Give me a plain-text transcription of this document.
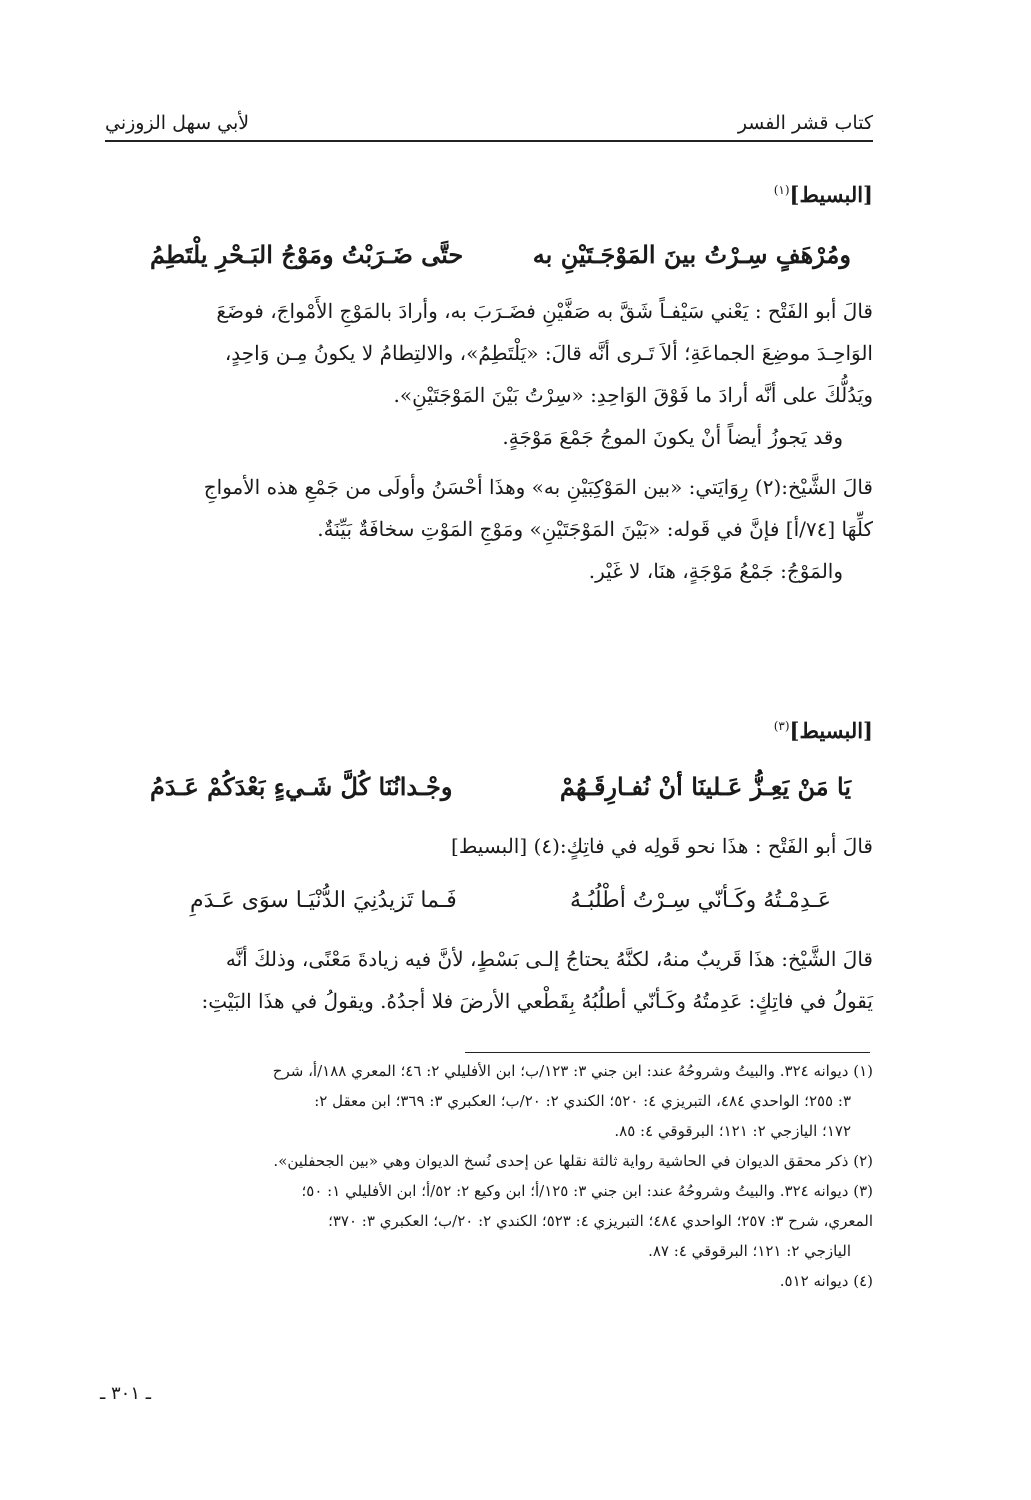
كتاب قشر الفسر
لأبي سهل الزوزني
[البسيط]$^{(١)}$
ومُرْهَفٍ سِـرْتُ بينَ المَوْجَـتَيْنِ به
حتَّى ضَـرَبْتُ ومَوْجُ البَـحْرِ يلْتَطِمُ
قالَ أبو الفَتْح : يَعْني سَيْفـاً شَقَّ به صَفَّيْنِ فضَـرَبَ به، وأرادَ بالمَوْجِ الأَمْواجَ، فوضَعَ
الوَاحِـدَ موضِعَ الجماعَةِ؛ ألاَ تَـرى أنَّه قالَ: «يَلْتَطِمُ»، والالتِطامُ لا يكونُ مِـن وَاحِدٍ،
ويَدُلُّكَ على أنَّه أرادَ ما فَوْقَ الوَاحِدِ: «سِرْتُ بَيْنَ المَوْجَتَيْنِ».
وقد يَجوزُ أيضاً أنْ يكونَ الموجُ جَمْعَ مَوْجَةٍ.
قالَ الشَّيْخ:(٢) رِوَايَتي: «بين المَوْكِبَيْنِ به» وهذَا أحْسَنُ وأولَى من جَمْعِ هذه الأمواجِ
كلِّهَا [٧٤/أ] فإنَّ في قَوله: «بَيْنَ المَوْجَتَيْنِ» ومَوْجِ المَوْتِ سخافَةٌ بَيِّنَةٌ.
والمَوْجُ: جَمْعُ مَوْجَةٍ، هنَا، لا غَيْر.
[البسيط]$^{(٣)}$
يَا مَنْ يَعِـزُّ عَـلينَا أنْ نُفـارِقَـهُمْ
وجْـدانُنَا كُلَّ شَـيءٍ بَعْدَكُمْ عَـدَمُ
قالَ أبو الفَتْح : هذَا نحو قَولِه في فاتِكٍ:(٤) [البسيط]
عَـدِمْـتُهُ وكَـأنّي سِـرْتُ أطْلُبُـهُ
فَـما تَزيدُنِيَ الدُّنْيَـا سوَى عَـدَمِ
قالَ الشَّيْخ: هذَا قَريبٌ منهُ، لكنَّهُ يحتاجُ إلـى بَسْطٍ، لأنَّ فيه زيادةَ مَعْنًى، وذلكَ أنَّه
يَقولُ في فاتِكٍ: عَدِمتُهُ وكَـأنّي أطلُبُهُ بِقَطْعي الأرضَ فلا أجدُهُ. ويقولُ في هذَا البَيْتِ:
(١) ديوانه ٣٢٤. والبيتُ وشروحُهُ عند: ابن جني ٣: ١٢٣/ب؛ ابن الأفليلي ٢: ٤٦؛ المعري ١٨٨/أ، شرح
٣: ٢٥٥؛ الواحدي ٤٨٤، التبريزي ٤: ٥٢٠؛ الكندي ٢: ٢٠/ب؛ العكبري ٣: ٣٦٩؛ ابن معقل ٢:
١٧٢؛ اليازجي ٢: ١٢١؛ البرقوقي ٤: ٨٥.
(٢) ذكر محقق الديوان في الحاشية رواية ثالثة نقلها عن إحدى نُسخ الديوان وهي «بين الجحفلين».
(٣) ديوانه ٣٢٤. والبيتُ وشروحُهُ عند: ابن جني ٣: ١٢٥/أ؛ ابن وكيع ٢: ٥٢/أ؛ ابن الأفليلي ١: ٥٠؛
المعري، شرح ٣: ٢٥٧؛ الواحدي ٤٨٤؛ التبريزي ٤: ٥٢٣؛ الكندي ٢: ٢٠/ب؛ العكبري ٣: ٣٧٠؛
اليازجي ٢: ١٢١؛ البرقوقي ٤: ٨٧.
(٤) ديوانه ٥١٢.
ـ ٣٠١ ـ
